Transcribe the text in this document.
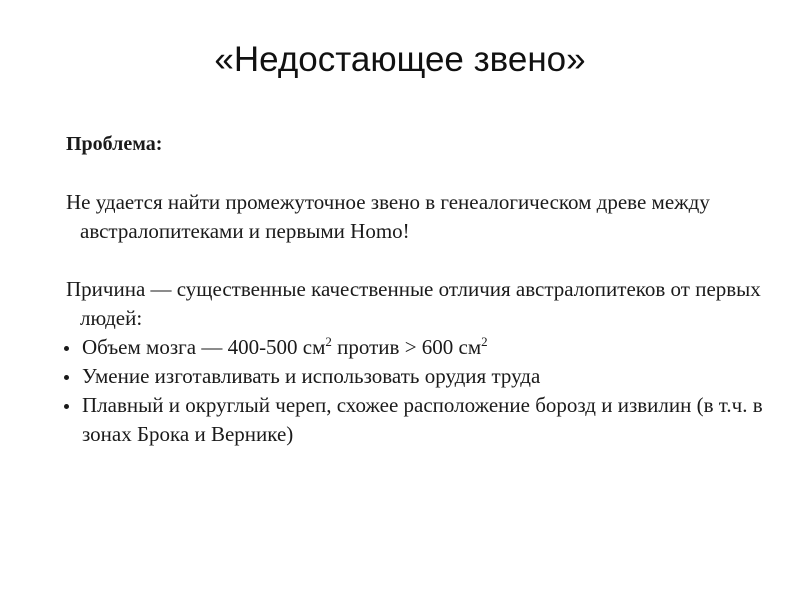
«Недостающее звено»

Проблема:

Не удается найти промежуточное звено в генеалогическом древе между австралопитеками и первыми Homo!

Причина — существенные качественные отличия австралопитеков от первых людей:

Объем мозга — 400-500 $см^2$ против > 600 $см^2$
Умение изготавливать и использовать орудия труда
Плавный и округлый череп, схожее расположение борозд и извилин (в т.ч. в зонах Брока и Вернике)
